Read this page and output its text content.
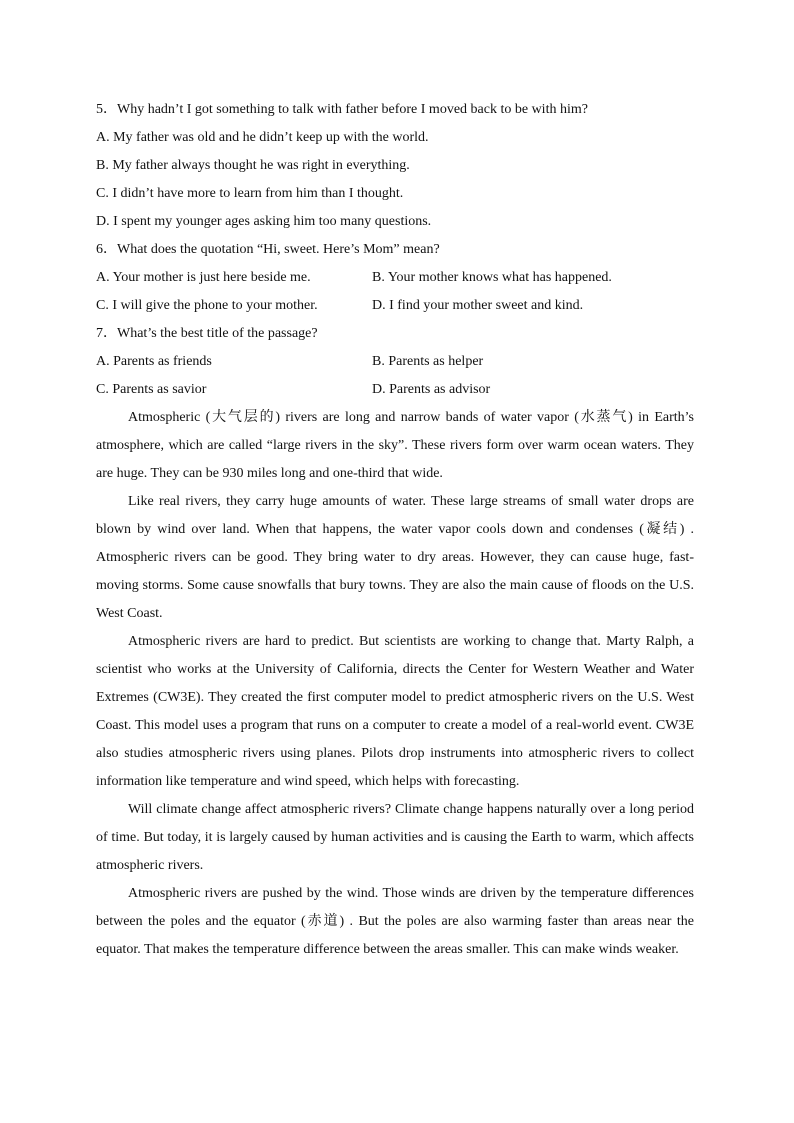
5．Why hadn’t I got something to talk with father before I moved back to be with him?
A. My father was old and he didn’t keep up with the world.
B. My father always thought he was right in everything.
C. I didn’t have more to learn from him than I thought.
D. I spent my younger ages asking him too many questions.
6．What does the quotation “Hi, sweet. Here’s Mom” mean?
A. Your mother is just here beside me.	B. Your mother knows what has happened.
C. I will give the phone to your mother.	D. I find your mother sweet and kind.
7．What’s the best title of the passage?
A. Parents as friends	B. Parents as helper
C. Parents as savior	D. Parents as advisor

Atmospheric (大气层的) rivers are long and narrow bands of water vapor (水蒸气) in Earth’s atmosphere, which are called “large rivers in the sky”. These rivers form over warm ocean waters. They are huge. They can be 930 miles long and one-third that wide.

Like real rivers, they carry huge amounts of water. These large streams of small water drops are blown by wind over land. When that happens, the water vapor cools down and condenses (凝结) . Atmospheric rivers can be good. They bring water to dry areas. However, they can cause huge, fast-moving storms. Some cause snowfalls that bury towns. They are also the main cause of floods on the U.S. West Coast.

Atmospheric rivers are hard to predict. But scientists are working to change that. Marty Ralph, a scientist who works at the University of California, directs the Center for Western Weather and Water Extremes (CW3E). They created the first computer model to predict atmospheric rivers on the U.S. West Coast. This model uses a program that runs on a computer to create a model of a real-world event. CW3E also studies atmospheric rivers using planes. Pilots drop instruments into atmospheric rivers to collect information like temperature and wind speed, which helps with forecasting.

Will climate change affect atmospheric rivers? Climate change happens naturally over a long period of time. But today, it is largely caused by human activities and is causing the Earth to warm, which affects atmospheric rivers.

Atmospheric rivers are pushed by the wind. Those winds are driven by the temperature differences between the poles and the equator (赤道) . But the poles are also warming faster than areas near the equator. That makes the temperature difference between the areas smaller. This can make winds weaker.
